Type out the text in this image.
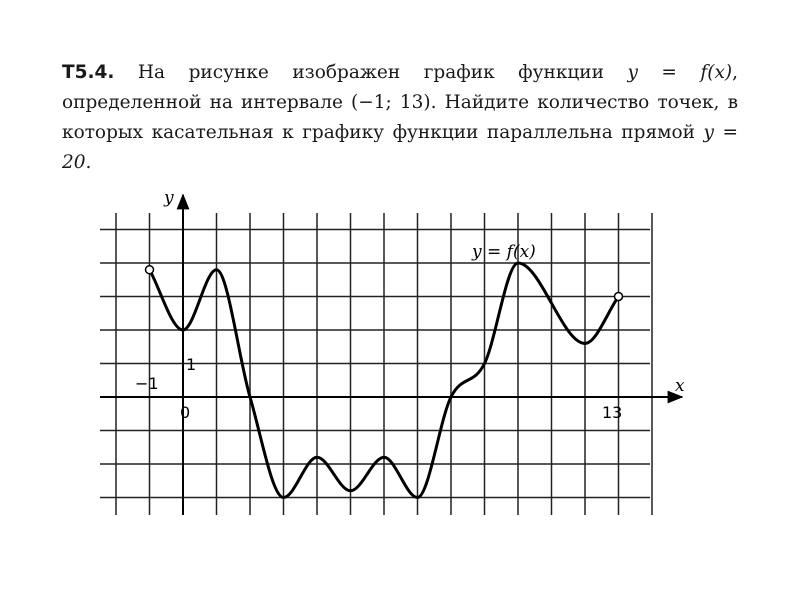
T5.4. На рисунке изображен график функции y = f(x), определенной на интервале (−1; 13). Найдите количество точек, в которых касательная к графику функции параллельна прямой y = 20.
y
x
y = f(x)
−1
0	13
1
